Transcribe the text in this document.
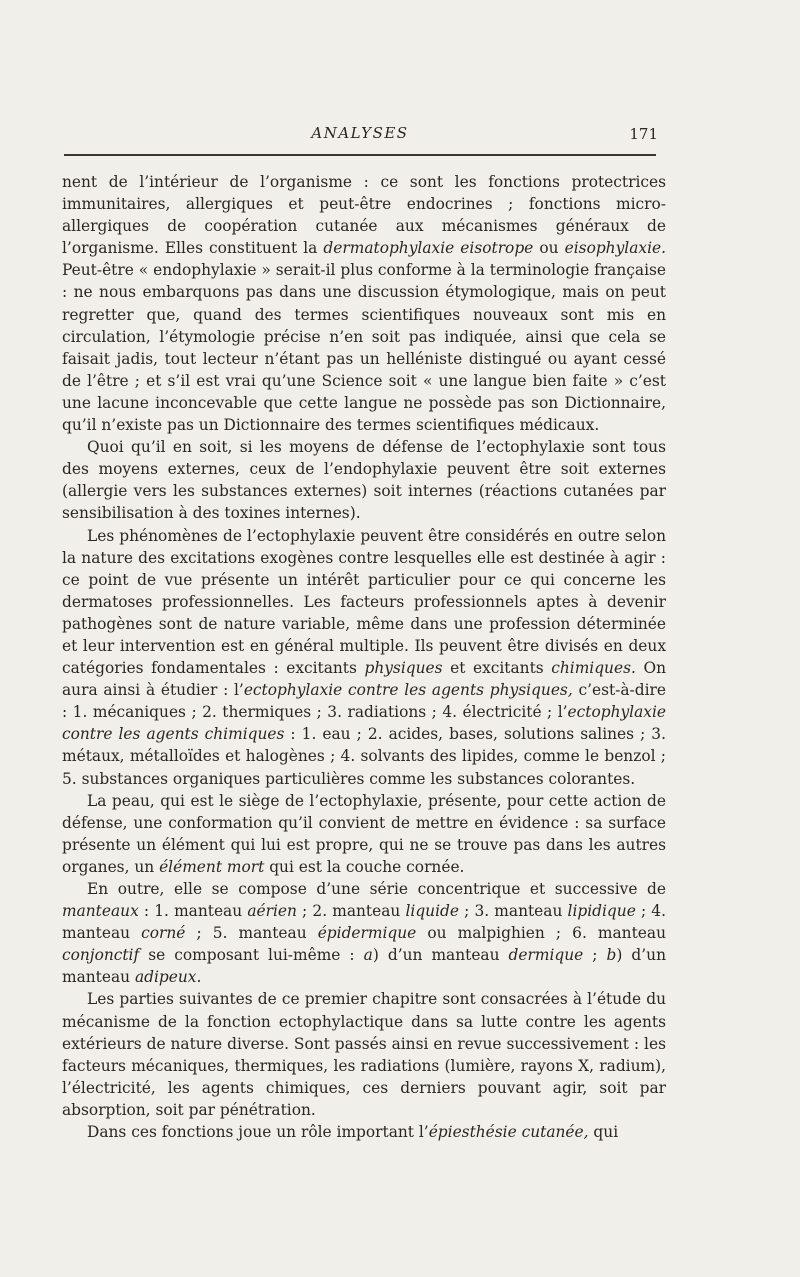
ANALYSES	171

nent de l’intérieur de l’organisme : ce sont les fonctions protectrices immunitaires, allergiques et peut-être endocrines ; fonctions micro-allergiques de coopération cutanée aux mécanismes généraux de l’organisme. Elles constituent la dermatophylaxie eisotrope ou eisophylaxie. Peut-être « endophylaxie » serait-il plus conforme à la terminologie française : ne nous embarquons pas dans une discussion étymologique, mais on peut regretter que, quand des termes scientifiques nouveaux sont mis en circulation, l’étymologie précise n’en soit pas indiquée, ainsi que cela se faisait jadis, tout lecteur n’étant pas un helléniste distingué ou ayant cessé de l’être ; et s’il est vrai qu’une Science soit « une langue bien faite » c’est une lacune inconcevable que cette langue ne possède pas son Dictionnaire, qu’il n’existe pas un Dictionnaire des termes scientifiques médicaux.

Quoi qu’il en soit, si les moyens de défense de l’ectophylaxie sont tous des moyens externes, ceux de l’endophylaxie peuvent être soit externes (allergie vers les substances externes) soit internes (réactions cutanées par sensibilisation à des toxines internes).

Les phénomènes de l’ectophylaxie peuvent être considérés en outre selon la nature des excitations exogènes contre lesquelles elle est destinée à agir : ce point de vue présente un intérêt particulier pour ce qui concerne les dermatoses professionnelles. Les facteurs professionnels aptes à devenir pathogènes sont de nature variable, même dans une profession déterminée et leur intervention est en général multiple. Ils peuvent être divisés en deux catégories fondamentales : excitants physiques et excitants chimiques. On aura ainsi à étudier : l’ectophylaxie contre les agents physiques, c’est-à-dire : 1. mécaniques ; 2. thermiques ; 3. radiations ; 4. électricité ; l’ectophylaxie contre les agents chimiques : 1. eau ; 2. acides, bases, solutions salines ; 3. métaux, métalloïdes et halogènes ; 4. solvants des lipides, comme le benzol ; 5. substances organiques particulières comme les substances colorantes.

La peau, qui est le siège de l’ectophylaxie, présente, pour cette action de défense, une conformation qu’il convient de mettre en évidence : sa surface présente un élément qui lui est propre, qui ne se trouve pas dans les autres organes, un élément mort qui est la couche cornée.

En outre, elle se compose d’une série concentrique et successive de manteaux : 1. manteau aérien ; 2. manteau liquide ; 3. manteau lipidique ; 4. manteau corné ; 5. manteau épidermique ou malpighien ; 6. manteau conjonctif se composant lui-même : a) d’un manteau dermique ; b) d’un manteau adipeux.

Les parties suivantes de ce premier chapitre sont consacrées à l’étude du mécanisme de la fonction ectophylactique dans sa lutte contre les agents extérieurs de nature diverse. Sont passés ainsi en revue successivement : les facteurs mécaniques, thermiques, les radiations (lumière, rayons X, radium), l’électricité, les agents chimiques, ces derniers pouvant agir, soit par absorption, soit par pénétration.

Dans ces fonctions joue un rôle important l’épiesthésie cutanée, qui
